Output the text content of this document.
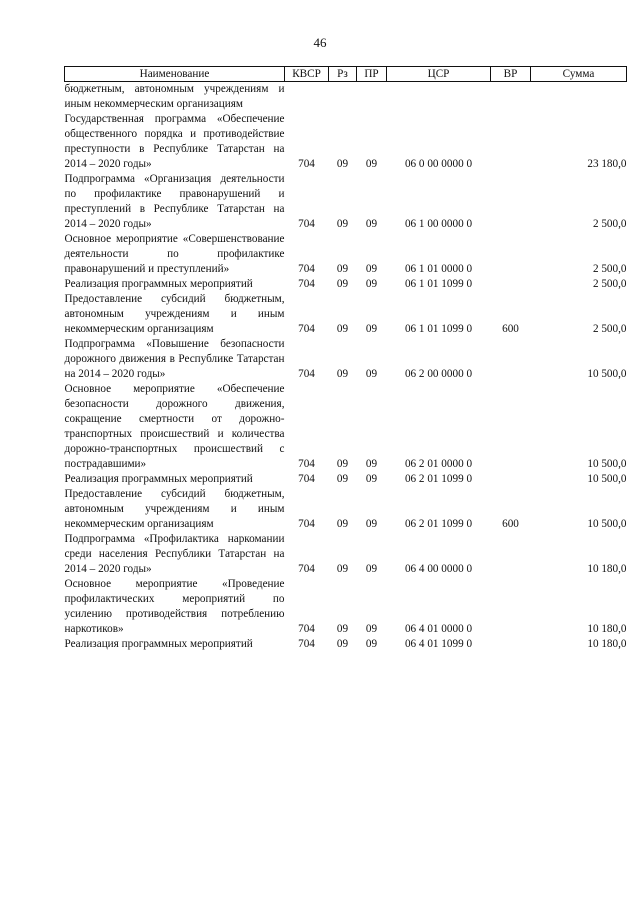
46
Наименование	КВСР	Рз	ПР	ЦСР	ВР	Сумма
бюджетным, автономным учреждениям и иным некоммерческим организациям						
Государственная программа «Обеспечение общественного порядка и противодействие преступности в Республике Татарстан на 2014 – 2020 годы»	704	09	09	06 0 00 0000 0		23 180,0
Подпрограмма «Организация деятельности по профилактике правонарушений и преступлений в Республике Татарстан на 2014 – 2020 годы»	704	09	09	06 1 00 0000 0		2 500,0
Основное мероприятие «Совершенствование деятельности по профилактике правонарушений и преступлений»	704	09	09	06 1 01 0000 0		2 500,0
Реализация программных мероприятий	704	09	09	06 1 01 1099 0		2 500,0
Предоставление субсидий бюджетным, автономным учреждениям и иным некоммерческим организациям	704	09	09	06 1 01 1099 0	600	2 500,0
Подпрограмма «Повышение безопасности дорожного движения в Республике Татарстан на 2014 – 2020 годы»	704	09	09	06 2 00 0000 0		10 500,0
Основное мероприятие «Обеспечение безопасности дорожного движения, сокращение смертности от дорожно-транспортных происшествий и количества дорожно-транспортных происшествий с пострадавшими»	704	09	09	06 2 01 0000 0		10 500,0
Реализация программных мероприятий	704	09	09	06 2 01 1099 0		10 500,0
Предоставление субсидий бюджетным, автономным учреждениям и иным некоммерческим организациям	704	09	09	06 2 01 1099 0	600	10 500,0
Подпрограмма «Профилактика наркомании среди населения Республики Татарстан на 2014 – 2020 годы»	704	09	09	06 4 00 0000 0		10 180,0
Основное мероприятие «Проведение профилактических мероприятий по усилению противодействия потреблению наркотиков»	704	09	09	06 4 01 0000 0		10 180,0
Реализация программных мероприятий	704	09	09	06 4 01 1099 0		10 180,0
